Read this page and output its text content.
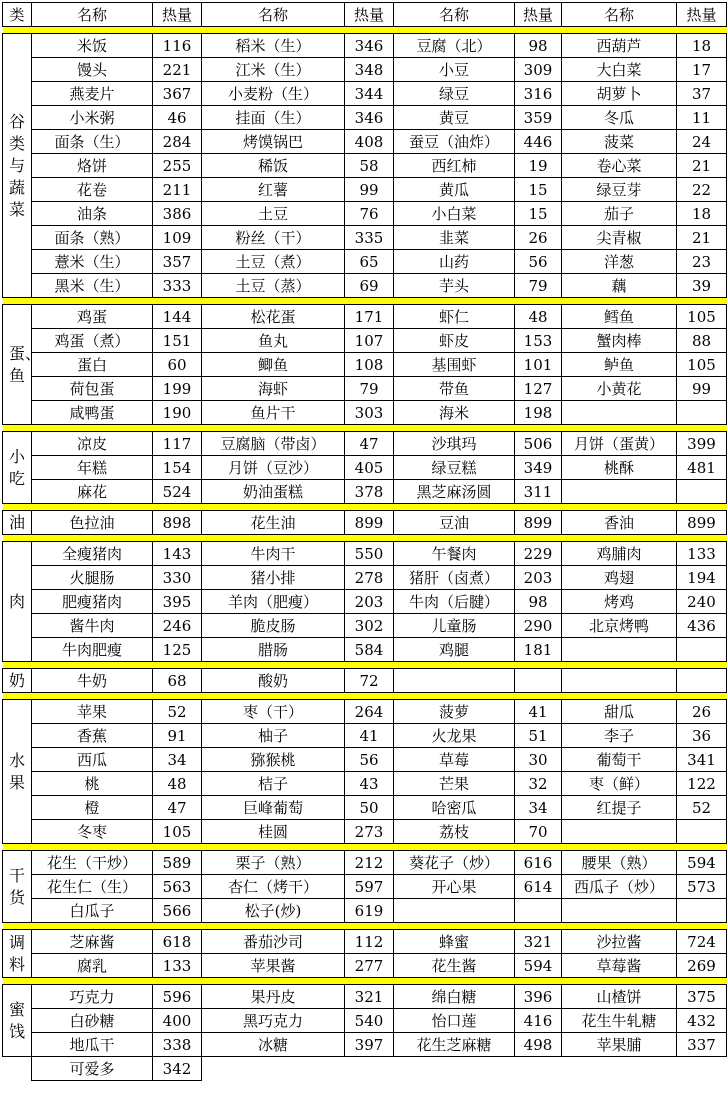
类	名称	热量	名称	热量	名称	热量	名称	热量

谷类与蔬菜	米饭	116	稻米（生）	346	豆腐（北）	98	西葫芦	18
	馒头	221	江米（生）	348	小豆	309	大白菜	17
	燕麦片	367	小麦粉（生）	344	绿豆	316	胡萝卜	37
	小米粥	46	挂面（生）	346	黄豆	359	冬瓜	11
	面条（生）	284	烤馍锅巴	408	蚕豆（油炸）	446	菠菜	24
	烙饼	255	稀饭	58	西红柿	19	卷心菜	21
	花卷	211	红薯	99	黄瓜	15	绿豆芽	22
	油条	386	土豆	76	小白菜	15	茄子	18
	面条（熟）	109	粉丝（干）	335	韭菜	26	尖青椒	21
	薏米（生）	357	土豆（煮）	65	山药	56	洋葱	23
	黑米（生）	333	土豆（蒸）	69	芋头	79	藕	39

蛋、鱼	鸡蛋	144	松花蛋	171	虾仁	48	鳕鱼	105
	鸡蛋（煮）	151	鱼丸	107	虾皮	153	蟹肉棒	88
	蛋白	60	鲫鱼	108	基围虾	101	鲈鱼	105
	荷包蛋	199	海虾	79	带鱼	127	小黄花	99
	咸鸭蛋	190	鱼片干	303	海米	198		

小吃	凉皮	117	豆腐脑（带卤）	47	沙琪玛	506	月饼（蛋黄）	399
	年糕	154	月饼（豆沙）	405	绿豆糕	349	桃酥	481
	麻花	524	奶油蛋糕	378	黑芝麻汤圆	311		

油	色拉油	898	花生油	899	豆油	899	香油	899

肉	全瘦猪肉	143	牛肉干	550	午餐肉	229	鸡脯肉	133
	火腿肠	330	猪小排	278	猪肝（卤煮）	203	鸡翅	194
	肥瘦猪肉	395	羊肉（肥瘦）	203	牛肉（后腱）	98	烤鸡	240
	酱牛肉	246	脆皮肠	302	儿童肠	290	北京烤鸭	436
	牛肉肥瘦	125	腊肠	584	鸡腿	181		

奶	牛奶	68	酸奶	72				

水果	苹果	52	枣（干）	264	菠萝	41	甜瓜	26
	香蕉	91	柚子	41	火龙果	51	李子	36
	西瓜	34	猕猴桃	56	草莓	30	葡萄干	341
	桃	48	桔子	43	芒果	32	枣（鲜）	122
	橙	47	巨峰葡萄	50	哈密瓜	34	红提子	52
	冬枣	105	桂圆	273	荔枝	70		

干货	花生（干炒）	589	栗子（熟）	212	葵花子（炒）	616	腰果（熟）	594
	花生仁（生）	563	杏仁（烤干）	597	开心果	614	西瓜子（炒）	573
	白瓜子	566	松子(炒)	619				

调料	芝麻酱	618	番茄沙司	112	蜂蜜	321	沙拉酱	724
	腐乳	133	苹果酱	277	花生酱	594	草莓酱	269

蜜饯	巧克力	596	果丹皮	321	绵白糖	396	山楂饼	375
	白砂糖	400	黑巧克力	540	怡口莲	416	花生牛轧糖	432
	地瓜干	338	冰糖	397	花生芝麻糖	498	苹果脯	337
	可爱多	342						
